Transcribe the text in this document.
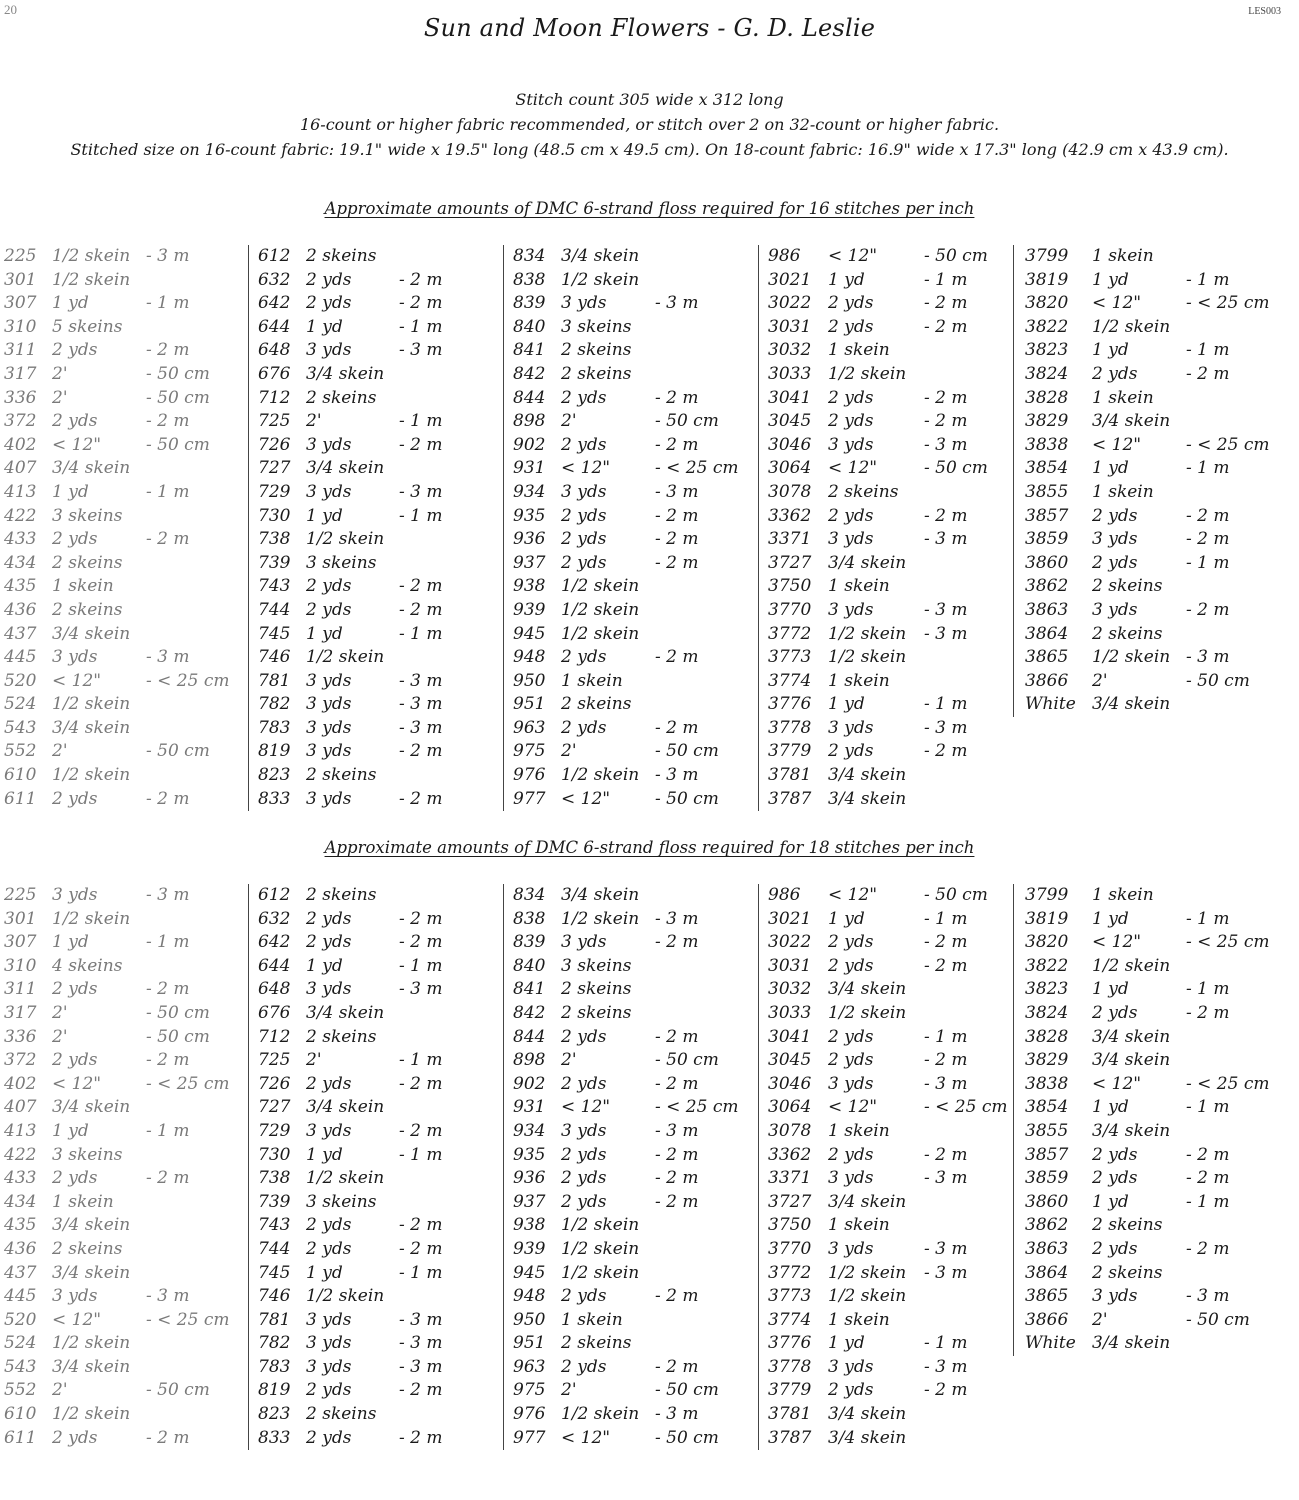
20	LES003
Sun and Moon Flowers - G. D. Leslie
Stitch count 305 wide x 312 long
16-count or higher fabric recommended, or stitch over 2 on 32-count or higher fabric.
Stitched size on 16-count fabric: 19.1" wide x 19.5" long (48.5 cm x 49.5 cm). On 18-count fabric: 16.9" wide x 17.3" long (42.9 cm x 43.9 cm).
Approximate amounts of DMC 6-strand floss required for 16 stitches per inch
225 1/2 skein - 3 m
301 1/2 skein
307 1 yd	- 1 m
310 5 skeins
311 2 yds	- 2 m
317 2'	- 50 cm
336 2'	- 50 cm
372 2 yds	- 2 m
402 < 12"	- 50 cm
407 3/4 skein
413 1 yd	- 1 m
422 3 skeins
433 2 yds	- 2 m
434 2 skeins
435 1 skein
436 2 skeins
437 3/4 skein
445 3 yds	- 3 m
520 < 12"	- < 25 cm
524 1/2 skein
543 3/4 skein
552 2'	- 50 cm
610 1/2 skein
611 2 yds	- 2 m
612 2 skeins
632 2 yds	- 2 m
642 2 yds	- 2 m
644 1 yd	- 1 m
648 3 yds	- 3 m
676 3/4 skein
712 2 skeins
725 2'	- 1 m
726 3 yds	- 2 m
727 3/4 skein
729 3 yds	- 3 m
730 1 yd	- 1 m
738 1/2 skein
739 3 skeins
743 2 yds	- 2 m
744 2 yds	- 2 m
745 1 yd	- 1 m
746 1/2 skein
781 3 yds	- 3 m
782 3 yds	- 3 m
783 3 yds	- 3 m
819 3 yds	- 2 m
823 2 skeins
833 3 yds	- 2 m
834 3/4 skein
838 1/2 skein
839 3 yds	- 3 m
840 3 skeins
841 2 skeins
842 2 skeins
844 2 yds	- 2 m
898 2'	- 50 cm
902 2 yds	- 2 m
931 < 12"	- < 25 cm
934 3 yds	- 3 m
935 2 yds	- 2 m
936 2 yds	- 2 m
937 2 yds	- 2 m
938 1/2 skein
939 1/2 skein
945 1/2 skein
948 2 yds	- 2 m
950 1 skein
951 2 skeins
963 2 yds	- 2 m
975 2'	- 50 cm
976 1/2 skein - 3 m
977 < 12"	- 50 cm
986 < 12"	- 50 cm
3021 1 yd	- 1 m
3022 2 yds	- 2 m
3031 2 yds	- 2 m
3032 1 skein
3033 1/2 skein
3041 2 yds	- 2 m
3045 2 yds	- 2 m
3046 3 yds	- 3 m
3064 < 12"	- 50 cm
3078 2 skeins
3362 2 yds	- 2 m
3371 3 yds	- 3 m
3727 3/4 skein
3750 1 skein
3770 3 yds	- 3 m
3772 1/2 skein - 3 m
3773 1/2 skein
3774 1 skein
3776 1 yd	- 1 m
3778 3 yds	- 3 m
3779 2 yds	- 2 m
3781 3/4 skein
3787 3/4 skein
3799 1 skein
3819 1 yd	- 1 m
3820 < 12"	- < 25 cm
3822 1/2 skein
3823 1 yd	- 1 m
3824 2 yds	- 2 m
3828 1 skein
3829 3/4 skein
3838 < 12"	- < 25 cm
3854 1 yd	- 1 m
3855 1 skein
3857 2 yds	- 2 m
3859 3 yds	- 2 m
3860 2 yds	- 1 m
3862 2 skeins
3863 3 yds	- 2 m
3864 2 skeins
3865 1/2 skein - 3 m
3866 2'	- 50 cm
White 3/4 skein
Approximate amounts of DMC 6-strand floss required for 18 stitches per inch
225 3 yds	- 3 m
301 1/2 skein
307 1 yd	- 1 m
310 4 skeins
311 2 yds	- 2 m
317 2'	- 50 cm
336 2'	- 50 cm
372 2 yds	- 2 m
402 < 12"	- < 25 cm
407 3/4 skein
413 1 yd	- 1 m
422 3 skeins
433 2 yds	- 2 m
434 1 skein
435 3/4 skein
436 2 skeins
437 3/4 skein
445 3 yds	- 3 m
520 < 12"	- < 25 cm
524 1/2 skein
543 3/4 skein
552 2'	- 50 cm
610 1/2 skein
611 2 yds	- 2 m
612 2 skeins
632 2 yds	- 2 m
642 2 yds	- 2 m
644 1 yd	- 1 m
648 3 yds	- 3 m
676 3/4 skein
712 2 skeins
725 2'	- 1 m
726 2 yds	- 2 m
727 3/4 skein
729 3 yds	- 2 m
730 1 yd	- 1 m
738 1/2 skein
739 3 skeins
743 2 yds	- 2 m
744 2 yds	- 2 m
745 1 yd	- 1 m
746 1/2 skein
781 3 yds	- 3 m
782 3 yds	- 3 m
783 3 yds	- 3 m
819 2 yds	- 2 m
823 2 skeins
833 2 yds	- 2 m
834 3/4 skein
838 1/2 skein - 3 m
839 3 yds	- 2 m
840 3 skeins
841 2 skeins
842 2 skeins
844 2 yds	- 2 m
898 2'	- 50 cm
902 2 yds	- 2 m
931 < 12"	- < 25 cm
934 3 yds	- 3 m
935 2 yds	- 2 m
936 2 yds	- 2 m
937 2 yds	- 2 m
938 1/2 skein
939 1/2 skein
945 1/2 skein
948 2 yds	- 2 m
950 1 skein
951 2 skeins
963 2 yds	- 2 m
975 2'	- 50 cm
976 1/2 skein - 3 m
977 < 12"	- 50 cm
986 < 12"	- 50 cm
3021 1 yd	- 1 m
3022 2 yds	- 2 m
3031 2 yds	- 2 m
3032 3/4 skein
3033 1/2 skein
3041 2 yds	- 1 m
3045 2 yds	- 2 m
3046 3 yds	- 3 m
3064 < 12"	- < 25 cm
3078 1 skein
3362 2 yds	- 2 m
3371 3 yds	- 3 m
3727 3/4 skein
3750 1 skein
3770 3 yds	- 3 m
3772 1/2 skein - 3 m
3773 1/2 skein
3774 1 skein
3776 1 yd	- 1 m
3778 3 yds	- 3 m
3779 2 yds	- 2 m
3781 3/4 skein
3787 3/4 skein
3799 1 skein
3819 1 yd	- 1 m
3820 < 12"	- < 25 cm
3822 1/2 skein
3823 1 yd	- 1 m
3824 2 yds	- 2 m
3828 3/4 skein
3829 3/4 skein
3838 < 12"	- < 25 cm
3854 1 yd	- 1 m
3855 3/4 skein
3857 2 yds	- 2 m
3859 2 yds	- 2 m
3860 1 yd	- 1 m
3862 2 skeins
3863 2 yds	- 2 m
3864 2 skeins
3865 3 yds	- 3 m
3866 2'	- 50 cm
White 3/4 skein
